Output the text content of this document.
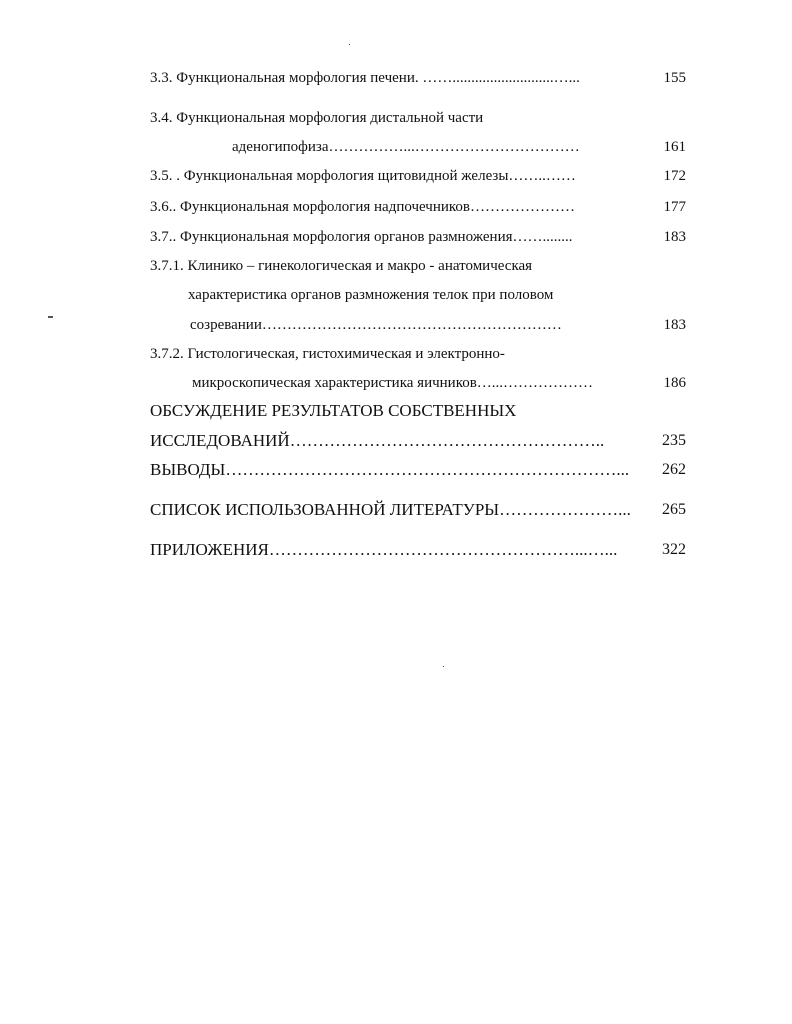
3.3. Функциональная морфология печени. ……...........................…...	155
3.4. Функциональная морфология дистальной части
аденогипофиза……………...……………………………	161
3.5. . Функциональная морфология щитовидной железы……..……	172
3.6.. Функциональная морфология надпочечников…………………	177
3.7.. Функциональная морфология органов размножения……........	183
3.7.1. Клинико – гинекологическая и макро - анатомическая
характеристика органов размножения телок при половом
созревании……………………………………………………	183
3.7.2. Гистологическая, гистохимическая и электронно-
микроскопическая характеристика яичников…...………………	186
ОБСУЖДЕНИЕ РЕЗУЛЬТАТОВ СОБСТВЕННЫХ
ИССЛЕДОВАНИЙ………………………………………………..	235
ВЫВОДЫ……………………………………………………………...	262
СПИСОК ИСПОЛЬЗОВАННОЙ ЛИТЕРАТУРЫ…………………...	265
ПРИЛОЖЕНИЯ………………………………………………...…...	322
